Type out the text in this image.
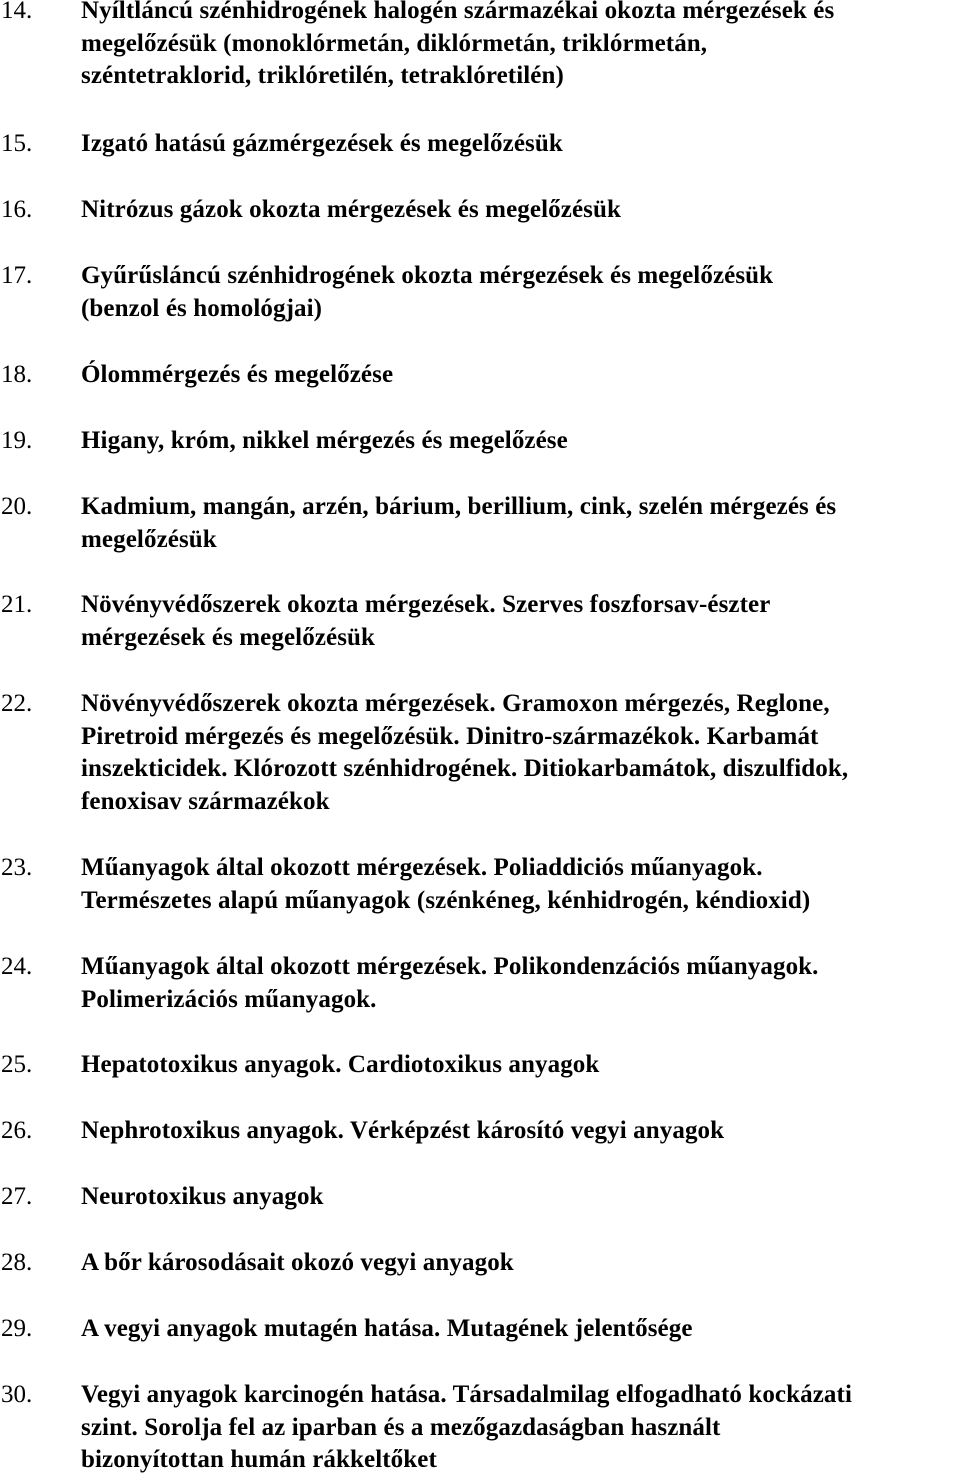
14.	Nyíltláncú szénhidrogének halogén származékai okozta mérgezések és
megelőzésük (monoklórmetán, diklórmetán, triklórmetán,
széntetraklorid, triklóretilén, tetraklóretilén)
15.	Izgató hatású gázmérgezések és megelőzésük
16.	Nitrózus gázok okozta mérgezések és megelőzésük
17.	Gyűrűsláncú szénhidrogének okozta mérgezések és megelőzésük
(benzol és homológjai)
18.	Ólommérgezés és megelőzése
19.	Higany, króm, nikkel mérgezés és megelőzése
20.	Kadmium, mangán, arzén, bárium, berillium, cink, szelén mérgezés és
megelőzésük
21.	Növényvédőszerek okozta mérgezések. Szerves foszforsav-észter
mérgezések és megelőzésük
22.	Növényvédőszerek okozta mérgezések. Gramoxon mérgezés, Reglone,
Piretroid mérgezés és megelőzésük. Dinitro-származékok. Karbamát
inszekticidek. Klórozott szénhidrogének. Ditiokarbamátok, diszulfidok,
fenoxisav származékok
23.	Műanyagok által okozott mérgezések. Poliaddiciós műanyagok.
Természetes alapú műanyagok (szénkéneg, kénhidrogén, kéndioxid)
24.	Műanyagok által okozott mérgezések. Polikondenzációs műanyagok.
Polimerizációs műanyagok.
25.	Hepatotoxikus anyagok. Cardiotoxikus anyagok
26.	Nephrotoxikus anyagok. Vérképzést károsító vegyi anyagok
27.	Neurotoxikus anyagok
28.	A bőr károsodásait okozó vegyi anyagok
29.	A vegyi anyagok mutagén hatása. Mutagének jelentősége
30.	Vegyi anyagok karcinogén hatása. Társadalmilag elfogadható kockázati
szint. Sorolja fel az iparban és a mezőgazdaságban használt
bizonyítottan humán rákkeltőket
